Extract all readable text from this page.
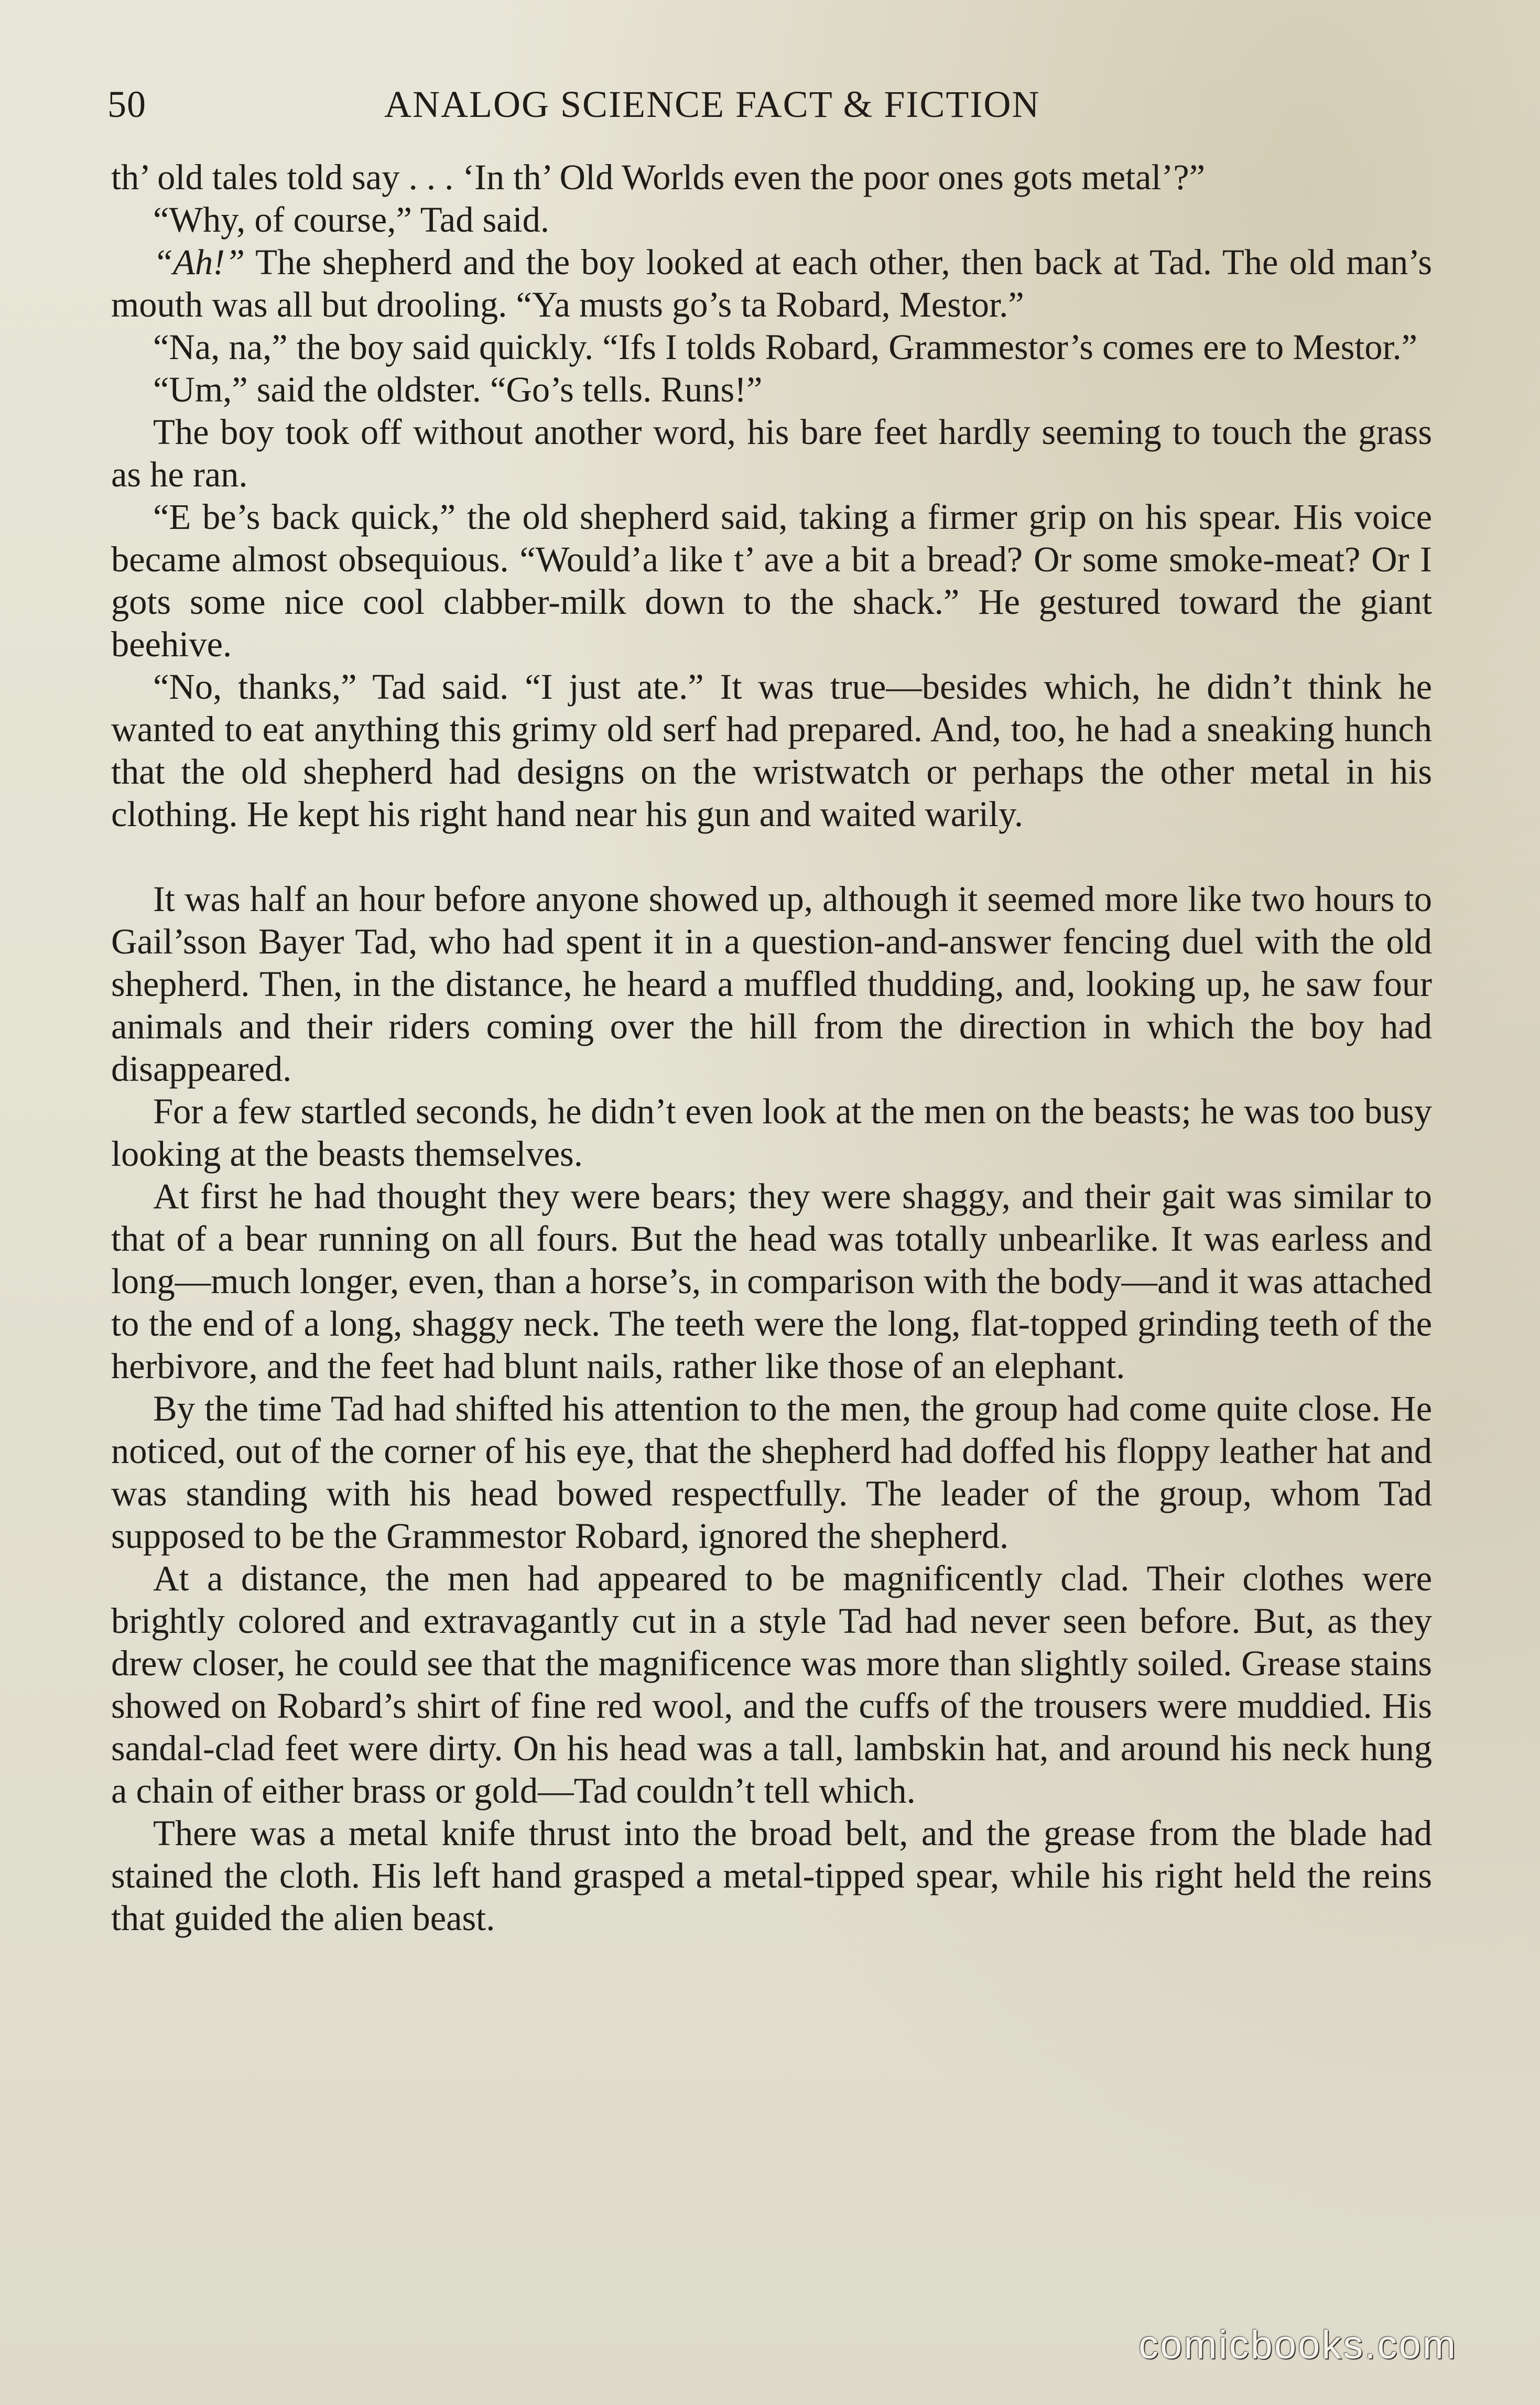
50	ANALOG SCIENCE FACT & FICTION

th’ old tales told say . . . ‘In th’ Old Worlds even the poor ones gots metal’?”

“Why, of course,” Tad said.

“Ah!” The shepherd and the boy looked at each other, then back at Tad. The old man’s mouth was all but drooling. “Ya musts go’s ta Robard, Mestor.”

“Na, na,” the boy said quickly. “Ifs I tolds Robard, Grammestor’s comes ere to Mestor.”

“Um,” said the oldster. “Go’s tells. Runs!”

The boy took off without another word, his bare feet hardly seeming to touch the grass as he ran.

“E be’s back quick,” the old shepherd said, taking a firmer grip on his spear. His voice became almost obsequious. “Would’a like t’ ave a bit a bread? Or some smoke-meat? Or I gots some nice cool clabber-milk down to the shack.” He gestured toward the giant beehive.

“No, thanks,” Tad said. “I just ate.” It was true—besides which, he didn’t think he wanted to eat anything this grimy old serf had prepared. And, too, he had a sneaking hunch that the old shepherd had designs on the wristwatch or perhaps the other metal in his clothing. He kept his right hand near his gun and waited warily.

It was half an hour before anyone showed up, although it seemed more like two hours to Gail’sson Bayer Tad, who had spent it in a question-and-answer fencing duel with the old shepherd. Then, in the distance, he heard a muffled thudding, and, looking up, he saw four animals and their riders coming over the hill from the direction in which the boy had disappeared.

For a few startled seconds, he didn’t even look at the men on the beasts; he was too busy looking at the beasts themselves.

At first he had thought they were bears; they were shaggy, and their gait was similar to that of a bear running on all fours. But the head was totally unbearlike. It was earless and long—much longer, even, than a horse’s, in comparison with the body—and it was attached to the end of a long, shaggy neck. The teeth were the long, flat-topped grinding teeth of the herbivore, and the feet had blunt nails, rather like those of an elephant.

By the time Tad had shifted his attention to the men, the group had come quite close. He noticed, out of the corner of his eye, that the shepherd had doffed his floppy leather hat and was standing with his head bowed respectfully. The leader of the group, whom Tad supposed to be the Grammestor Robard, ignored the shepherd.

At a distance, the men had appeared to be magnificently clad. Their clothes were brightly colored and extravagantly cut in a style Tad had never seen before. But, as they drew closer, he could see that the magnificence was more than slightly soiled. Grease stains showed on Robard’s shirt of fine red wool, and the cuffs of the trousers were muddied. His sandal-clad feet were dirty. On his head was a tall, lambskin hat, and around his neck hung a chain of either brass or gold—Tad couldn’t tell which.

There was a metal knife thrust into the broad belt, and the grease from the blade had stained the cloth. His left hand grasped a metal-tipped spear, while his right held the reins that guided the alien beast.

comicbooks.com
